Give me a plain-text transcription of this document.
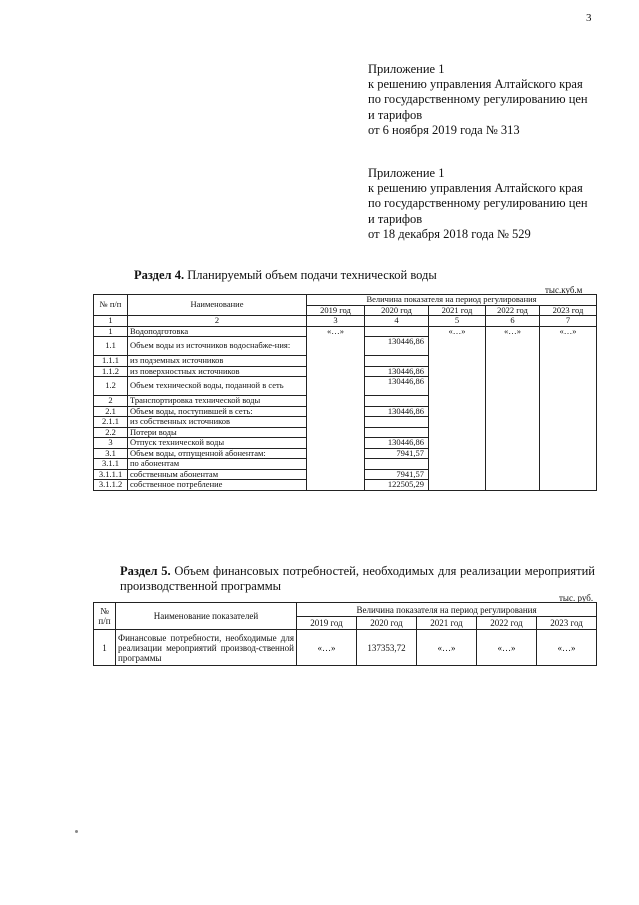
3
Приложение 1
к решению управления Алтайского края
по государственному регулированию цен
и тарифов
от 6 ноября 2019 года № 313
Приложение 1
к решению управления Алтайского края
по государственному регулированию цен
и тарифов
от 18 декабря 2018 года № 529
Раздел 4. Планируемый объем подачи технической воды
тыс.куб.м
№ п/п	Наименование	Величина показателя на период регулирования				
		2019 год	2020 год	2021 год	2022 год	2023 год
1	2	3	4	5	6	7
1	Водоподготовка	«…»		«…»	«…»	«…»
1.1	Объем воды из источников водоснабже-ния:		130446,86			
1.1.1	из подземных источников					
1.1.2	из поверхностных источников		130446,86			
1.2	Объем технической воды, поданной в сеть		130446,86			
2	Транспортировка технической воды					
2.1	Объем воды, поступившей в сеть:		130446,86			
2.1.1	из собственных источников					
2.2	Потери воды					
3	Отпуск технической воды		130446,86			
3.1	Объем воды, отпущенной абонентам:		7941,57			
3.1.1	по абонентам					
3.1.1.1	собственным абонентам		7941,57			
3.1.1.2	собственное потребление		122505,29			
Раздел 5. Объем финансовых потребностей, необходимых для реализации мероприятий производственной программы
тыс. руб.
№ п/п	Наименование показателей	Величина показателя на период регулирования				
		2019 год	2020 год	2021 год	2022 год	2023 год
1	Финансовые потребности, необходимые для реализации мероприятий производ-ственной программы	«…»	137353,72	«…»	«…»	«…»
